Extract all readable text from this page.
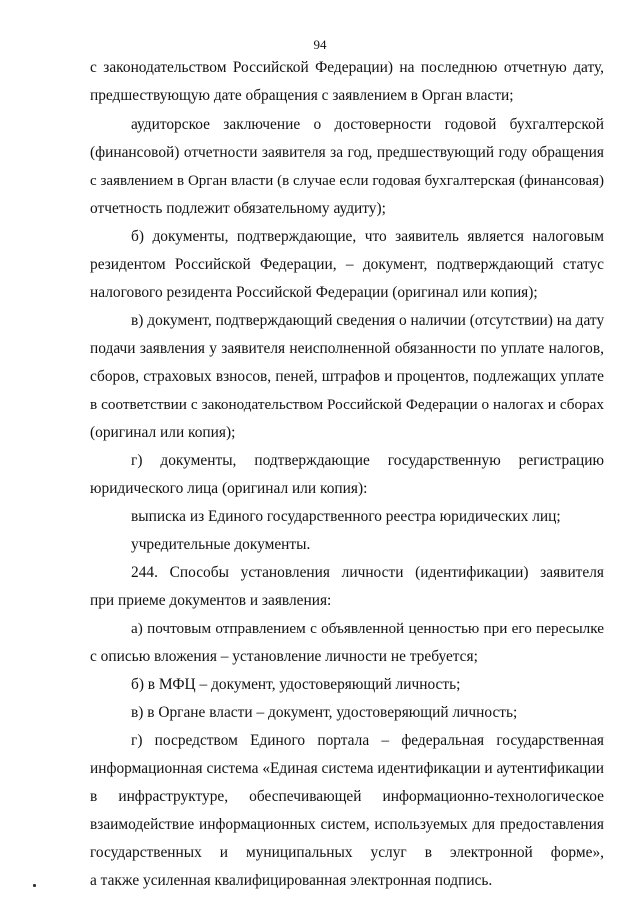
94
с законодательством Российской Федерации) на последнюю отчетную дату,
предшествующую дате обращения с заявлением в Орган власти;
аудиторское заключение о достоверности годовой бухгалтерской
(финансовой) отчетности заявителя за год, предшествующий году обращения
с заявлением в Орган власти (в случае если годовая бухгалтерская (финансовая)
отчетность подлежит обязательному аудиту);
б) документы, подтверждающие, что заявитель является налоговым
резидентом Российской Федерации, – документ, подтверждающий статус
налогового резидента Российской Федерации (оригинал или копия);
в) документ, подтверждающий сведения о наличии (отсутствии) на дату
подачи заявления у заявителя неисполненной обязанности по уплате налогов,
сборов, страховых взносов, пеней, штрафов и процентов, подлежащих уплате
в соответствии с законодательством Российской Федерации о налогах и сборах
(оригинал или копия);
г) документы, подтверждающие государственную регистрацию
юридического лица (оригинал или копия):
выписка из Единого государственного реестра юридических лиц;
учредительные документы.
244. Способы установления личности (идентификации) заявителя
при приеме документов и заявления:
а) почтовым отправлением с объявленной ценностью при его пересылке
с описью вложения – установление личности не требуется;
б) в МФЦ – документ, удостоверяющий личность;
в) в Органе власти – документ, удостоверяющий личность;
г) посредством Единого портала – федеральная государственная
информационная система «Единая система идентификации и аутентификации
в инфраструктуре, обеспечивающей информационно-технологическое
взаимодействие информационных систем, используемых для предоставления
государственных и муниципальных услуг в электронной форме»,
а также усиленная квалифицированная электронная подпись.
